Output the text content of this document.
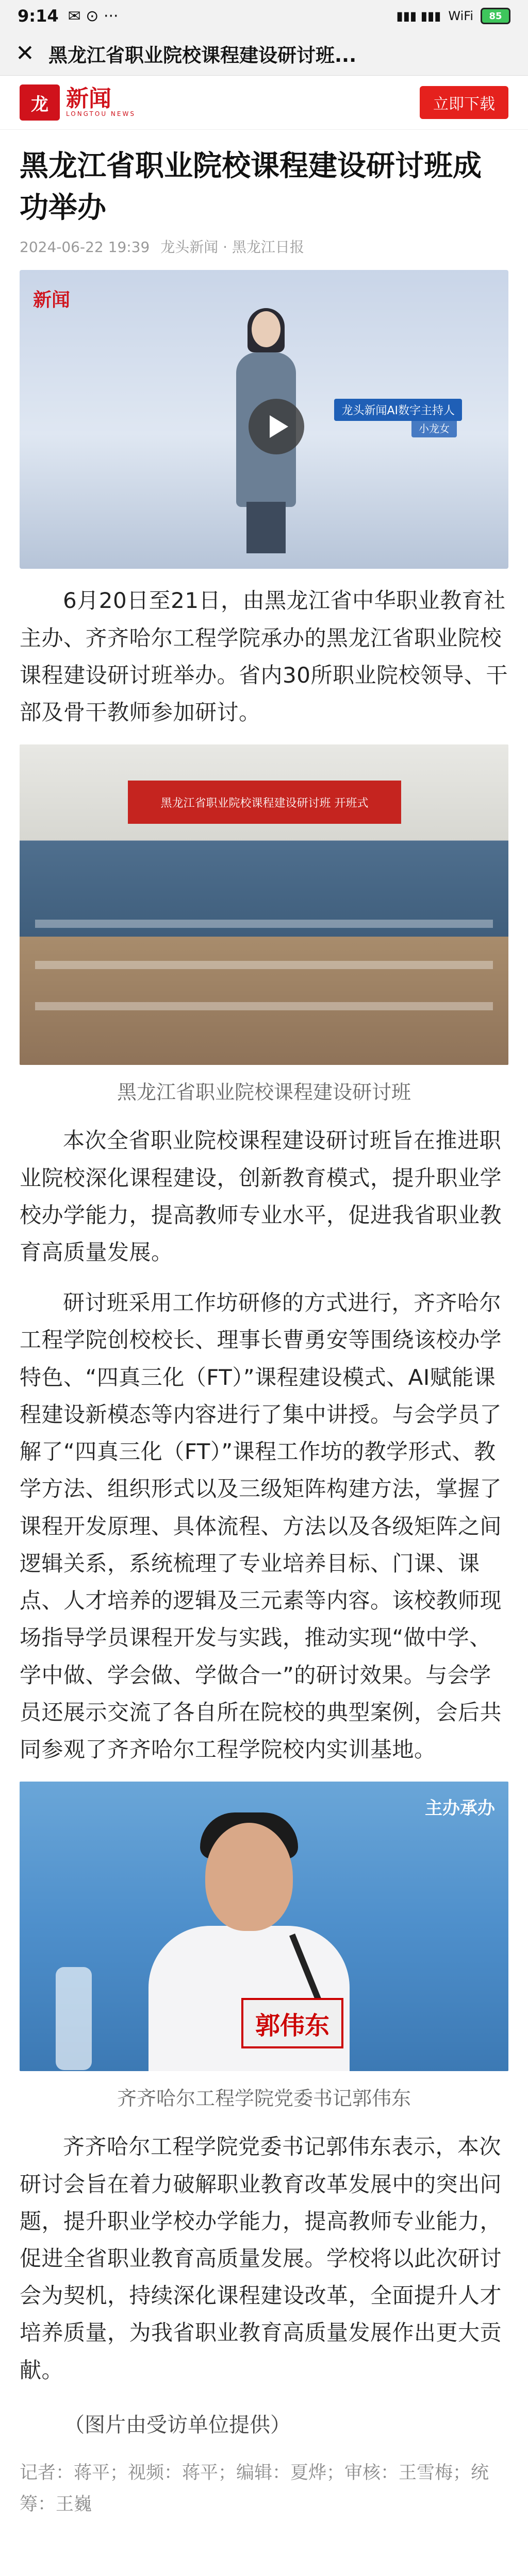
9:14 ✉ ⊙ ···	▮▮▮ ▮▮▮ WiFi	85
✕ 黑龙江省职业院校课程建设研讨班...
龙 新闻
LONGTOU NEWS
立即下载
黑龙江省职业院校课程建设研讨班成功举办
2024-06-22 19:39 龙头新闻 · 黑龙江日报
新闻
龙头新闻AI数字主持人
小龙女

6月20日至21日，由黑龙江省中华职业教育社主办、齐齐哈尔工程学院承办的黑龙江省职业院校课程建设研讨班举办。省内30所职业院校领导、干部及骨干教师参加研讨。

黑龙江省职业院校课程建设研讨班 开班式
黑龙江省职业院校课程建设研讨班

本次全省职业院校课程建设研讨班旨在推进职业院校深化课程建设，创新教育模式，提升职业学校办学能力，提高教师专业水平，促进我省职业教育高质量发展。

研讨班采用工作坊研修的方式进行，齐齐哈尔工程学院创校校长、理事长曹勇安等围绕该校办学特色、“四真三化（FT）”课程建设模式、AI赋能课程建设新模态等内容进行了集中讲授。与会学员了解了“四真三化（FT）”课程工作坊的教学形式、教学方法、组织形式以及三级矩阵构建方法，掌握了课程开发原理、具体流程、方法以及各级矩阵之间逻辑关系，系统梳理了专业培养目标、门课、课点、人才培养的逻辑及三元素等内容。该校教师现场指导学员课程开发与实践，推动实现“做中学、学中做、学会做、学做合一”的研讨效果。与会学员还展示交流了各自所在院校的典型案例，会后共同参观了齐齐哈尔工程学院校内实训基地。

主办承办
郭伟东
齐齐哈尔工程学院党委书记郭伟东

齐齐哈尔工程学院党委书记郭伟东表示，本次研讨会旨在着力破解职业教育改革发展中的突出问题，提升职业学校办学能力，提高教师专业能力，促进全省职业教育高质量发展。学校将以此次研讨会为契机，持续深化课程建设改革，全面提升人才培养质量，为我省职业教育高质量发展作出更大贡献。

（图片由受访单位提供）
记者：蒋平；视频：蒋平；编辑：夏烨；审核：王雪梅；统筹：王巍
